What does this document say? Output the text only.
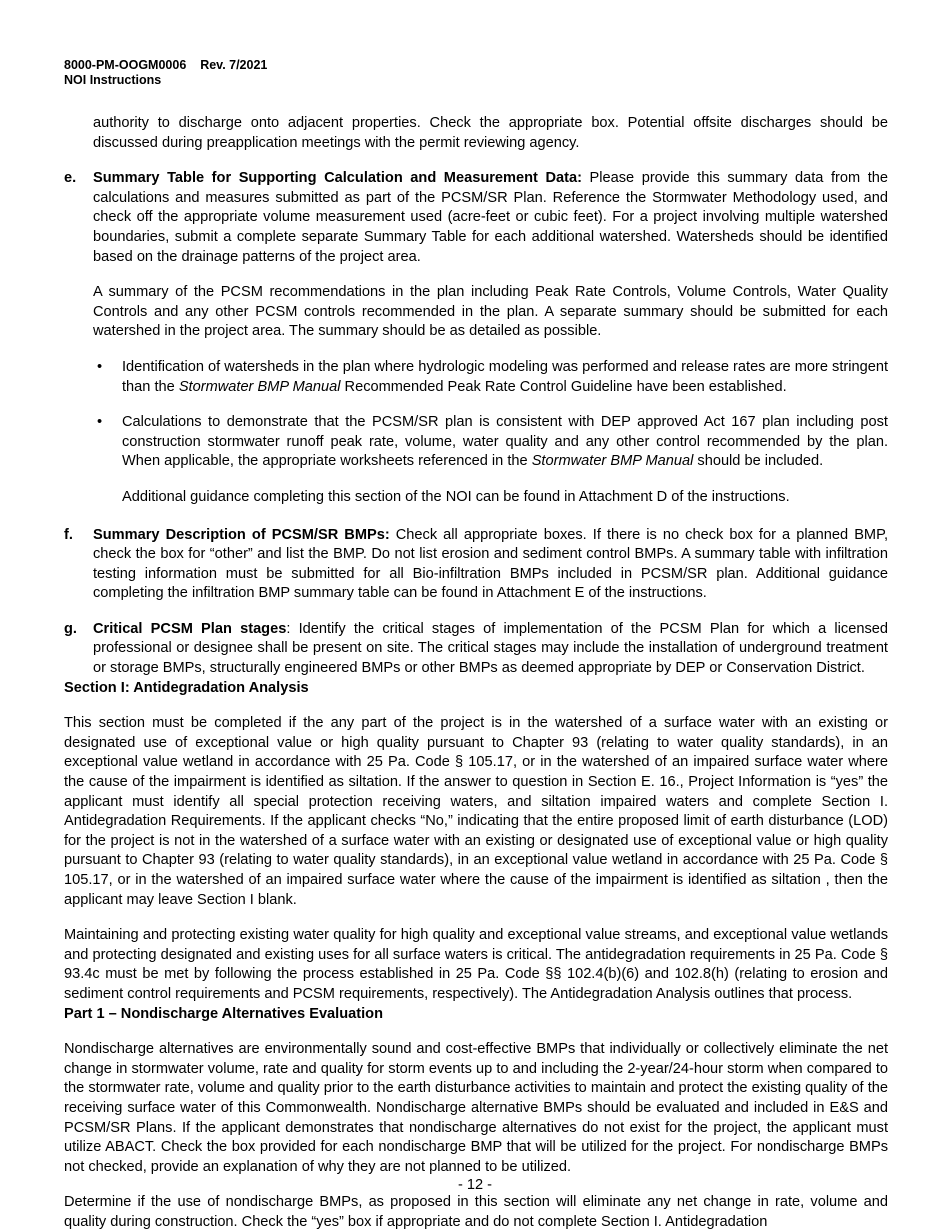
8000-PM-OOGM0006 Rev. 7/2021
NOI Instructions

authority to discharge onto adjacent properties. Check the appropriate box. Potential offsite discharges should be discussed during preapplication meetings with the permit reviewing agency.

e. Summary Table for Supporting Calculation and Measurement Data: Please provide this summary data from the calculations and measures submitted as part of the PCSM/SR Plan. Reference the Stormwater Methodology used, and check off the appropriate volume measurement used (acre-feet or cubic feet). For a project involving multiple watershed boundaries, submit a complete separate Summary Table for each additional watershed. Watersheds should be identified based on the drainage patterns of the project area.

A summary of the PCSM recommendations in the plan including Peak Rate Controls, Volume Controls, Water Quality Controls and any other PCSM controls recommended in the plan. A separate summary should be submitted for each watershed in the project area. The summary should be as detailed as possible.

• Identification of watersheds in the plan where hydrologic modeling was performed and release rates are more stringent than the Stormwater BMP Manual Recommended Peak Rate Control Guideline have been established.
• Calculations to demonstrate that the PCSM/SR plan is consistent with DEP approved Act 167 plan including post construction stormwater runoff peak rate, volume, water quality and any other control recommended by the plan. When applicable, the appropriate worksheets referenced in the Stormwater BMP Manual should be included.

Additional guidance completing this section of the NOI can be found in Attachment D of the instructions.

f. Summary Description of PCSM/SR BMPs: Check all appropriate boxes. If there is no check box for a planned BMP, check the box for “other” and list the BMP. Do not list erosion and sediment control BMPs. A summary table with infiltration testing information must be submitted for all Bio-infiltration BMPs included in PCSM/SR plan. Additional guidance completing the infiltration BMP summary table can be found in Attachment E of the instructions.
g. Critical PCSM Plan stages: Identify the critical stages of implementation of the PCSM Plan for which a licensed professional or designee shall be present on site. The critical stages may include the installation of underground treatment or storage BMPs, structurally engineered BMPs or other BMPs as deemed appropriate by DEP or Conservation District.
Section I: Antidegradation Analysis

This section must be completed if the any part of the project is in the watershed of a surface water with an existing or designated use of exceptional value or high quality pursuant to Chapter 93 (relating to water quality standards), in an exceptional value wetland in accordance with 25 Pa. Code § 105.17, or in the watershed of an impaired surface water where the cause of the impairment is identified as siltation. If the answer to question in Section E. 16., Project Information is “yes” the applicant must identify all special protection receiving waters, and siltation impaired waters and complete Section I. Antidegradation Requirements. If the applicant checks “No,” indicating that the entire proposed limit of earth disturbance (LOD) for the project is not in the watershed of a surface water with an existing or designated use of exceptional value or high quality pursuant to Chapter 93 (relating to water quality standards), in an exceptional value wetland in accordance with 25 Pa. Code § 105.17, or in the watershed of an impaired surface water where the cause of the impairment is identified as siltation , then the applicant may leave Section I blank.

Maintaining and protecting existing water quality for high quality and exceptional value streams, and exceptional value wetlands and protecting designated and existing uses for all surface waters is critical. The antidegradation requirements in 25 Pa. Code § 93.4c must be met by following the process established in 25 Pa. Code §§ 102.4(b)(6) and 102.8(h) (relating to erosion and sediment control requirements and PCSM requirements, respectively). The Antidegradation Analysis outlines that process.

Part 1 – Nondischarge Alternatives Evaluation

Nondischarge alternatives are environmentally sound and cost-effective BMPs that individually or collectively eliminate the net change in stormwater volume, rate and quality for storm events up to and including the 2-year/24-hour storm when compared to the stormwater rate, volume and quality prior to the earth disturbance activities to maintain and protect the existing quality of the receiving surface water of this Commonwealth. Nondischarge alternative BMPs should be evaluated and included in E&S and PCSM/SR Plans. If the applicant demonstrates that nondischarge alternatives do not exist for the project, the applicant must utilize ABACT. Check the box provided for each nondischarge BMP that will be utilized for the project. For nondischarge BMPs not checked, provide an explanation of why they are not planned to be utilized.

Determine if the use of nondischarge BMPs, as proposed in this section will eliminate any net change in rate, volume and quality during construction. Check the “yes” box if appropriate and do not complete Section I. Antidegradation

- 12 -
